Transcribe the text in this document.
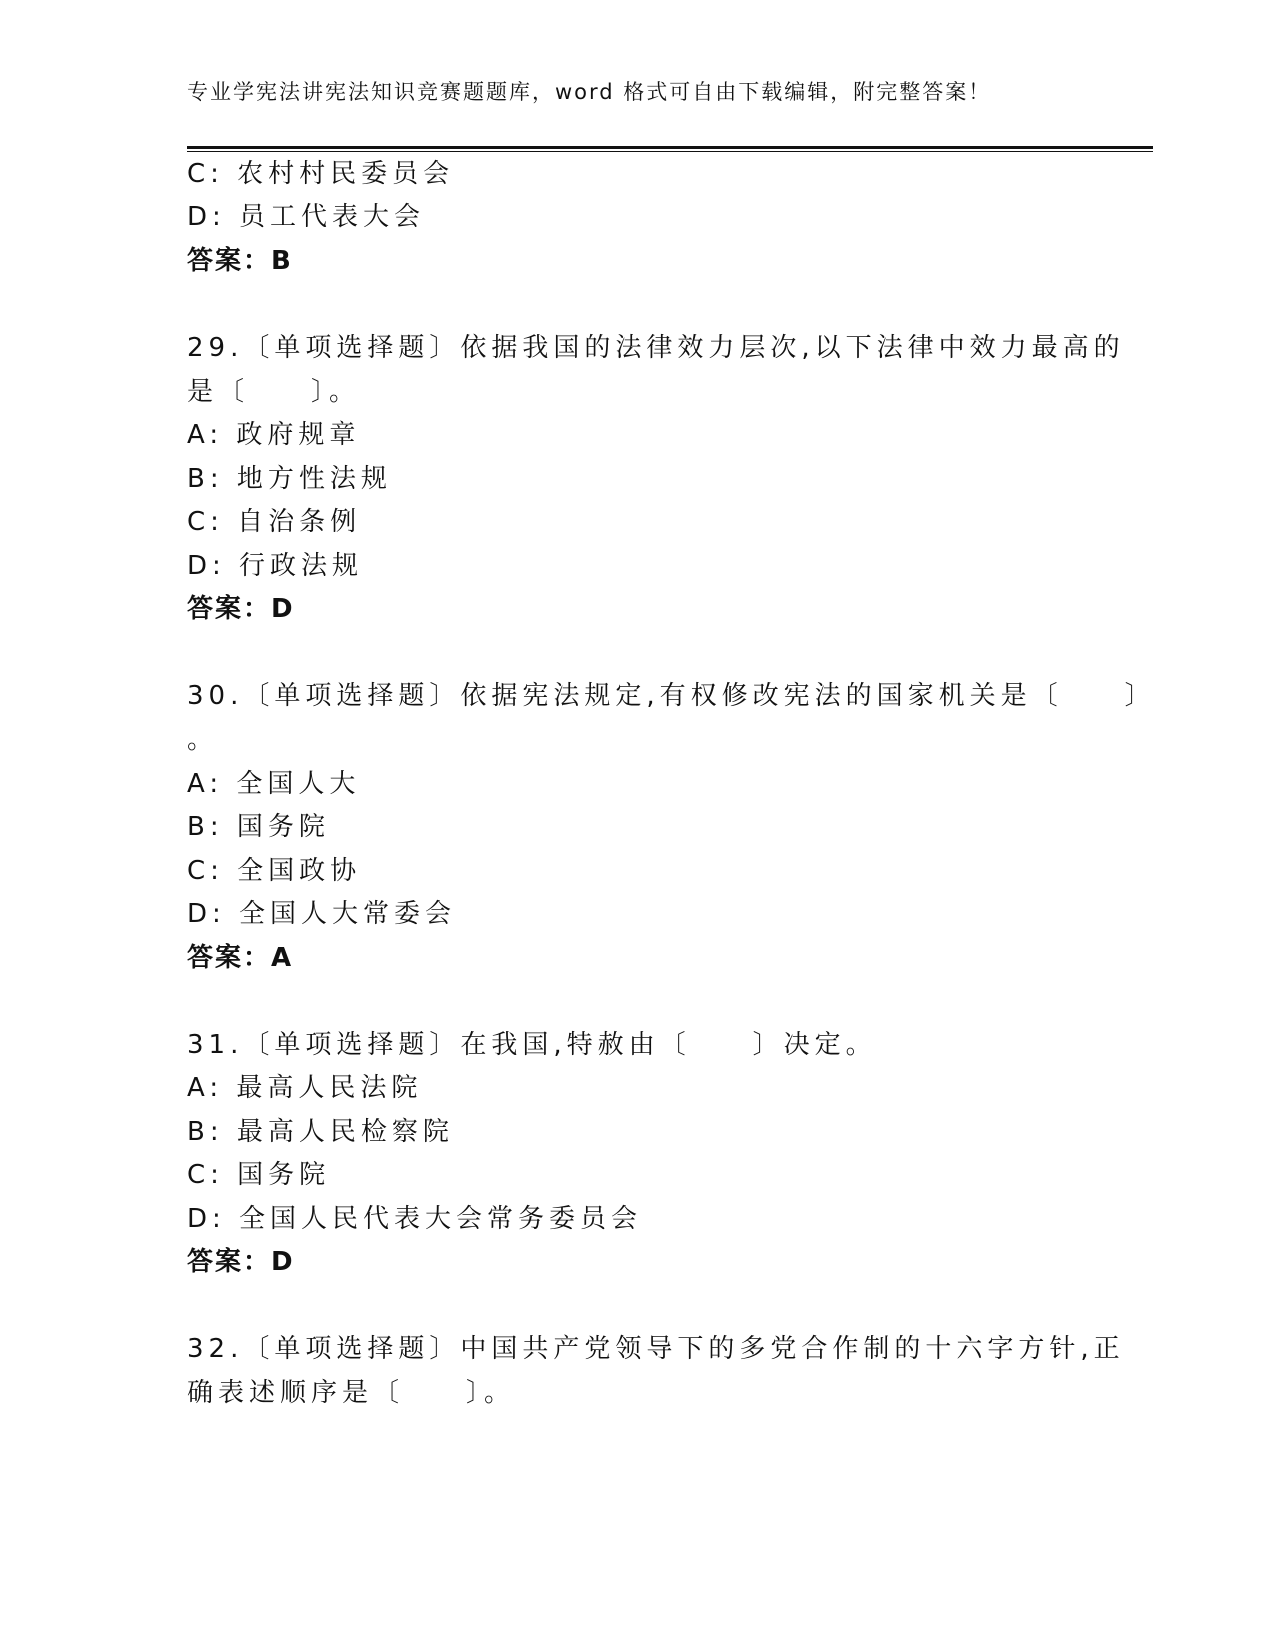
专业学宪法讲宪法知识竞赛题题库，word 格式可自由下载编辑，附完整答案！
C: 农村村民委员会
D: 员工代表大会
答案：B
29.〔单项选择题〕依据我国的法律效力层次,以下法律中效力最高的
是〔　　〕。
A: 政府规章
B: 地方性法规
C: 自治条例
D: 行政法规
答案：D
30.〔单项选择题〕依据宪法规定,有权修改宪法的国家机关是〔　　〕
。
A: 全国人大
B: 国务院
C: 全国政协
D: 全国人大常委会
答案：A
31.〔单项选择题〕在我国,特赦由〔　　〕决定。
A: 最高人民法院
B: 最高人民检察院
C: 国务院
D: 全国人民代表大会常务委员会
答案：D
32.〔单项选择题〕中国共产党领导下的多党合作制的十六字方针,正
确表述顺序是〔　　〕。
